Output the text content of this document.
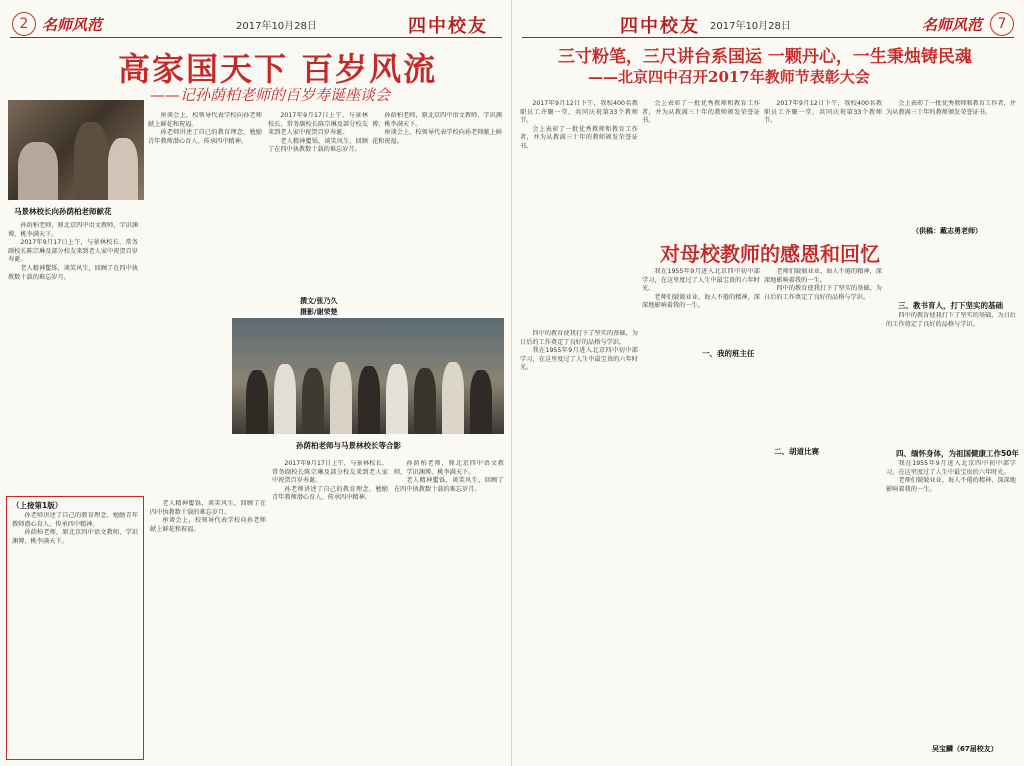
2 名师风范	2017年10月28日	四中校友
高家国天下 百岁风流
——记孙荫柏老师的百岁寿诞座谈会
马景林校长向孙荫柏老师献花

孙荫柏老师，原北京四中语文教师，学识渊博，桃李满天下。

2017年9月17日上午，与景林校长、常务副校长陈宗琳及部分校友来到老人家中祝贺百岁寿诞。

老人精神矍铄，谈笑风生，回顾了在四中执教数十载的难忘岁月。

座谈会上，校领导代表学校向孙老师献上鲜花和祝福。

孙老师讲述了自己的教育理念，勉励青年教师潜心育人、传承四中精神。

2017年9月17日上午，与景林校长、常务副校长陈宗琳及部分校友来到老人家中祝贺百岁寿诞。

老人精神矍铄，谈笑风生，回顾了在四中执教数十载的难忘岁月。

孙荫柏老师，原北京四中语文教师，学识渊博，桃李满天下。

座谈会上，校领导代表学校向孙老师献上鲜花和祝福。

撰文/张乃久
摄影/谢荣楚
孙荫柏老师与马景林校长等合影
（上接第1版）

孙老师讲述了自己的教育理念，勉励青年教师潜心育人、传承四中精神。

孙荫柏老师，原北京四中语文教师，学识渊博，桃李满天下。

老人精神矍铄，谈笑风生，回顾了在四中执教数十载的难忘岁月。

座谈会上，校领导代表学校向孙老师献上鲜花和祝福。

2017年9月17日上午，与景林校长、常务副校长陈宗琳及部分校友来到老人家中祝贺百岁寿诞。

孙老师讲述了自己的教育理念，勉励青年教师潜心育人、传承四中精神。

孙荫柏老师，原北京四中语文教师，学识渊博，桃李满天下。

老人精神矍铄，谈笑风生，回顾了在四中执教数十载的难忘岁月。

四中校友 2017年10月28日	名师风范	7
三寸粉笔，三尺讲台系国运 一颗丹心，一生秉烛铸民魂
——北京四中召开2017年教师节表彰大会

2017年9月12日下午，我校400名教职员工齐聚一堂，共同庆祝第33个教师节。

会上表彰了一批优秀教师和教育工作者，并为从教满三十年的教师颁发荣誉证书。

会上表彰了一批优秀教师和教育工作者，并为从教满三十年的教师颁发荣誉证书。

2017年9月12日下午，我校400名教职员工齐聚一堂，共同庆祝第33个教师节。

会上表彰了一批优秀教师和教育工作者，并为从教满三十年的教师颁发荣誉证书。

（供稿：戴志勇老师）
对母校教师的感恩和回忆

我在1955年9月进入北京四中初中部学习，在这里度过了人生中最宝贵的六年时光。

老师们兢兢业业、诲人不倦的精神，深深地影响着我的一生。

一、我的班主任

四中的教育使我打下了坚实的基础，为日后的工作奠定了良好的品格与学识。

我在1955年9月进入北京四中初中部学习，在这里度过了人生中最宝贵的六年时光。

老师们兢兢业业、诲人不倦的精神，深深地影响着我的一生。

四中的教育使我打下了坚实的基础，为日后的工作奠定了良好的品格与学识。

二、胡道比赛
三、教书育人，打下坚实的基础

四中的教育使我打下了坚实的基础，为日后的工作奠定了良好的品格与学识。

四、缅怀身体，为祖国健康工作50年

我在1955年9月进入北京四中初中部学习，在这里度过了人生中最宝贵的六年时光。

老师们兢兢业业、诲人不倦的精神，深深地影响着我的一生。

吴宝麟（67届校友）
